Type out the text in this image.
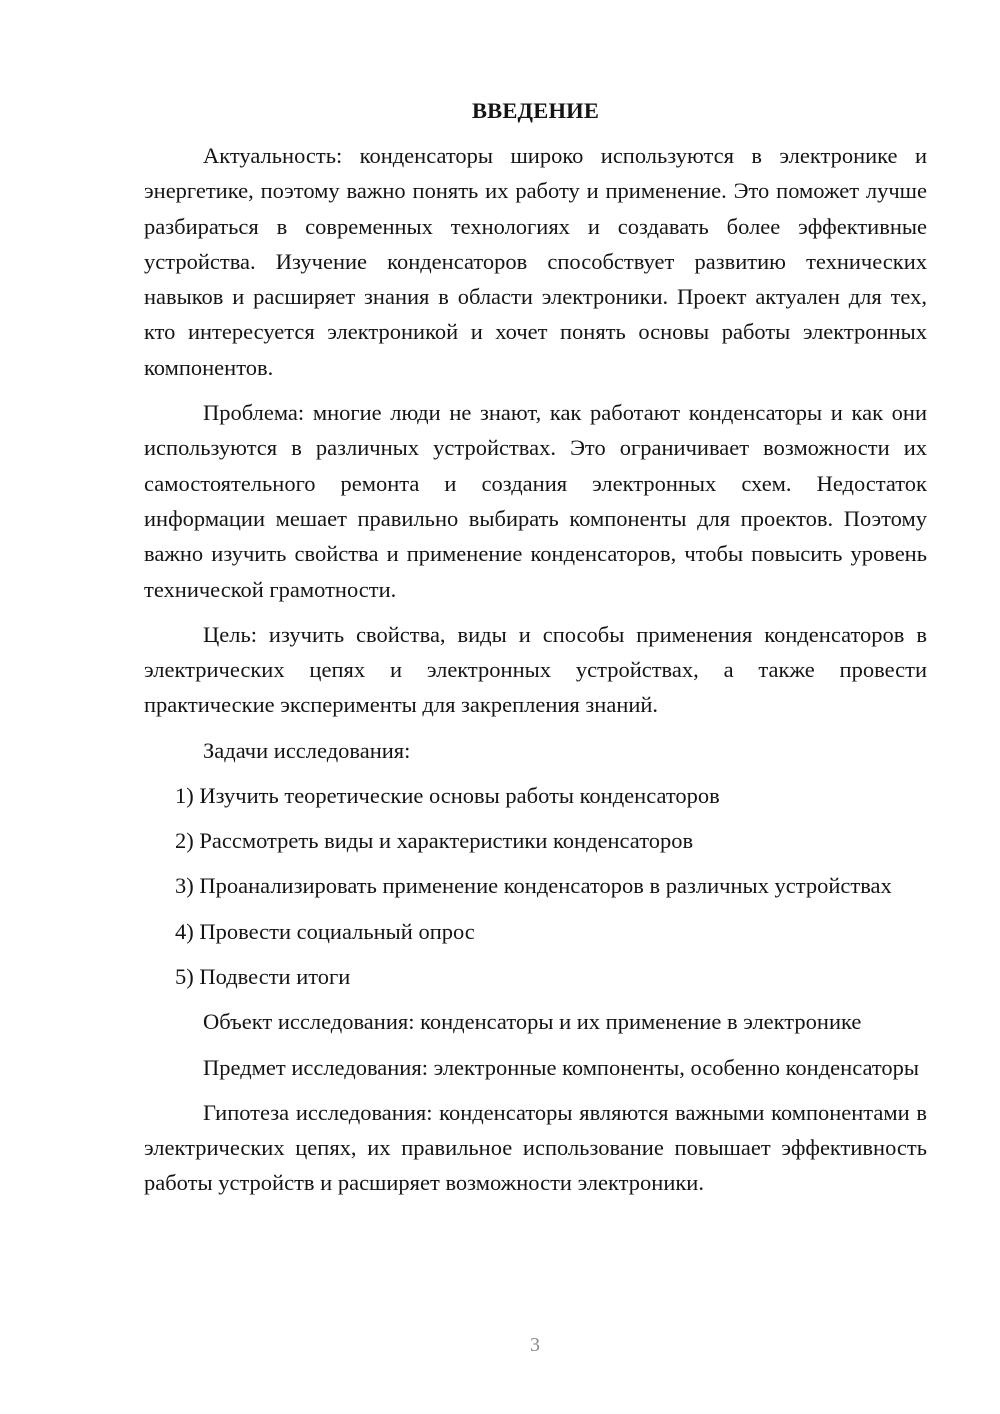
ВВЕДЕНИЕ

Актуальность: конденсаторы широко используются в электронике и энергетике, поэтому важно понять их работу и применение. Это поможет лучше разбираться в современных технологиях и создавать более эффективные устройства. Изучение конденсаторов способствует развитию технических навыков и расширяет знания в области электроники. Проект актуален для тех, кто интересуется электроникой и хочет понять основы работы электронных компонентов.

Проблема: многие люди не знают, как работают конденсаторы и как они используются в различных устройствах. Это ограничивает возможности их самостоятельного ремонта и создания электронных схем. Недостаток информации мешает правильно выбирать компоненты для проектов. Поэтому важно изучить свойства и применение конденсаторов, чтобы повысить уровень технической грамотности.

Цель: изучить свойства, виды и способы применения конденсаторов в электрических цепях и электронных устройствах, а также провести практические эксперименты для закрепления знаний.

Задачи исследования:

1) Изучить теоретические основы работы конденсаторов

2) Рассмотреть виды и характеристики конденсаторов

3) Проанализировать применение конденсаторов в различных устройствах

4) Провести социальный опрос

5) Подвести итоги

Объект исследования: конденсаторы и их применение в электронике

Предмет исследования: электронные компоненты, особенно конденсаторы

Гипотеза исследования: конденсаторы являются важными компонентами в электрических цепях, их правильное использование повышает эффективность работы устройств и расширяет возможности электроники.

3
